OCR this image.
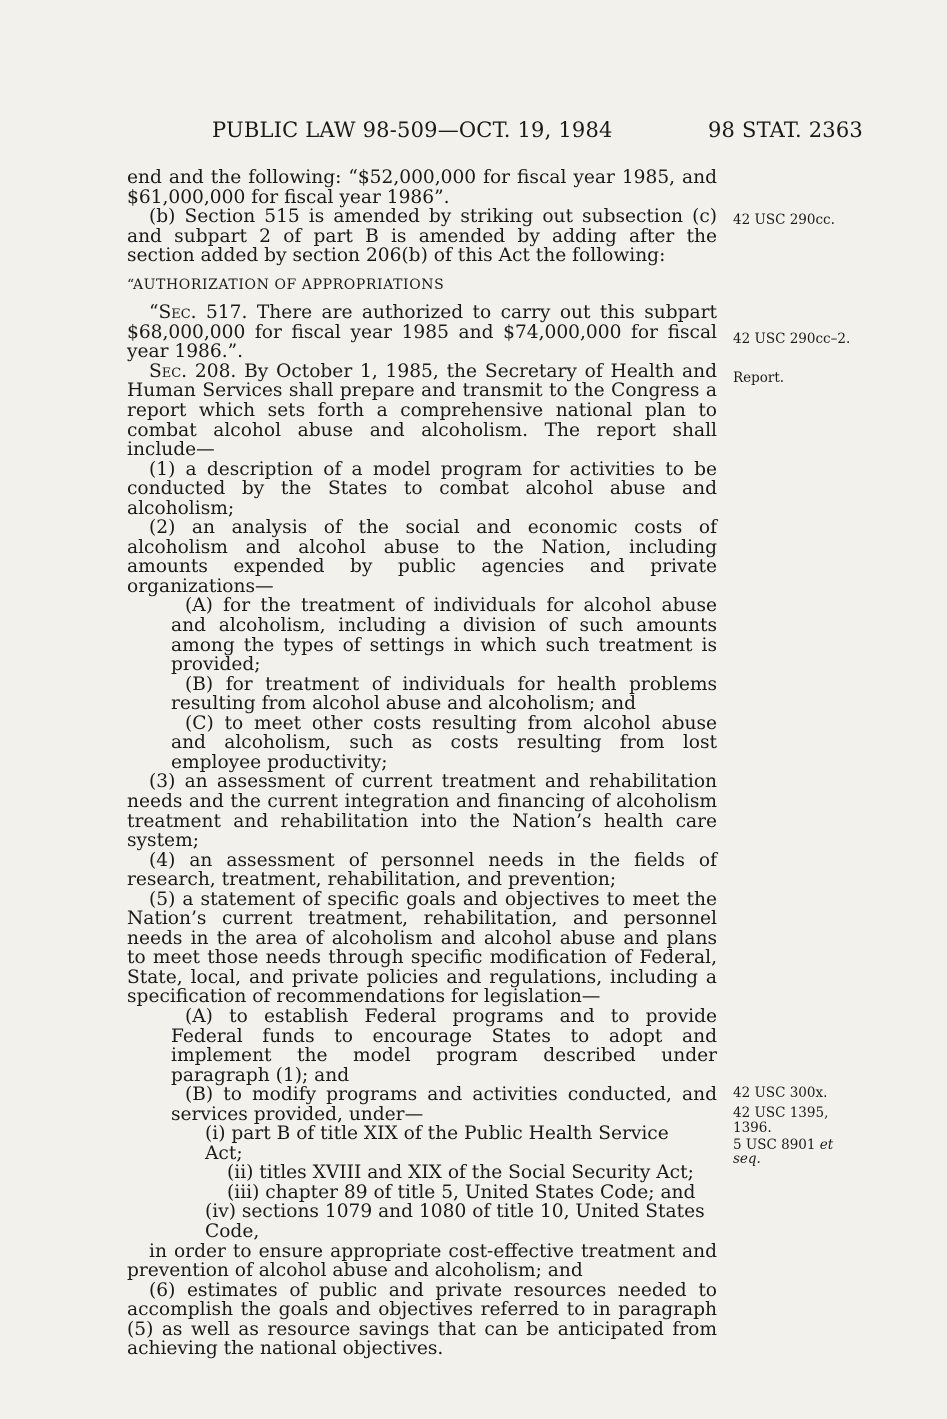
PUBLIC LAW 98-509—OCT. 19, 1984	98 STAT. 2363

end and the following: “$52,000,000 for fiscal year 1985, and $61,000,000 for fiscal year 1986”.

(b) Section 515 is amended by striking out subsection (c) and subpart 2 of part B is amended by adding after the section added by section 206(b) of this Act the following:

“AUTHORIZATION OF APPROPRIATIONS

“Sec. 517. There are authorized to carry out this subpart $68,000,000 for fiscal year 1985 and $74,000,000 for fiscal year 1986.”.

Sec. 208. By October 1, 1985, the Secretary of Health and Human Services shall prepare and transmit to the Congress a report which sets forth a comprehensive national plan to combat alcohol abuse and alcoholism. The report shall include—

(1) a description of a model program for activities to be conducted by the States to combat alcohol abuse and alcoholism;

(2) an analysis of the social and economic costs of alcoholism and alcohol abuse to the Nation, including amounts expended by public agencies and private organizations—

(A) for the treatment of individuals for alcohol abuse and alcoholism, including a division of such amounts among the types of settings in which such treatment is provided;

(B) for treatment of individuals for health problems resulting from alcohol abuse and alcoholism; and

(C) to meet other costs resulting from alcohol abuse and alcoholism, such as costs resulting from lost employee productivity;

(3) an assessment of current treatment and rehabilitation needs and the current integration and financing of alcoholism treatment and rehabilitation into the Nation’s health care system;

(4) an assessment of personnel needs in the fields of research, treatment, rehabilitation, and prevention;

(5) a statement of specific goals and objectives to meet the Nation’s current treatment, rehabilitation, and personnel needs in the area of alcoholism and alcohol abuse and plans to meet those needs through specific modification of Federal, State, local, and private policies and regulations, including a specification of recommendations for legislation—

(A) to establish Federal programs and to provide Federal funds to encourage States to adopt and implement the model program described under paragraph (1); and

(B) to modify programs and activities conducted, and services provided, under—

(i) part B of title XIX of the Public Health Service
Act;

(ii) titles XVIII and XIX of the Social Security Act;

(iii) chapter 89 of title 5, United States Code; and

(iv) sections 1079 and 1080 of title 10, United States
Code,

in order to ensure appropriate cost-effective treatment and prevention of alcohol abuse and alcoholism; and

(6) estimates of public and private resources needed to accomplish the goals and objectives referred to in paragraph (5) as well as resource savings that can be anticipated from achieving the national objectives.

42 USC 290cc.
42 USC 290cc–2.
Report.
42 USC 300x.
42 USC 1395,
1396.
5 USC 8901 et
seq.
